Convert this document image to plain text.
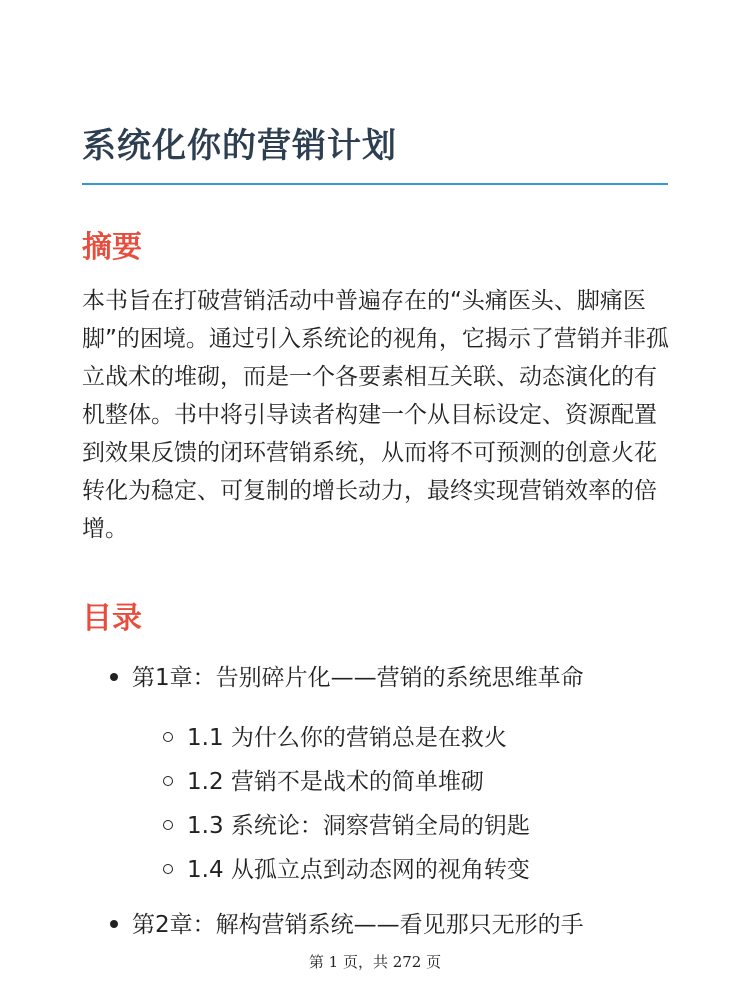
系统化你的营销计划
摘要

本书旨在打破营销活动中普遍存在的“头痛医头、脚痛医脚”的困境。通过引入系统论的视角，它揭示了营销并非孤立战术的堆砌，而是一个各要素相互关联、动态演化的有机整体。书中将引导读者构建一个从目标设定、资源配置到效果反馈的闭环营销系统，从而将不可预测的创意火花转化为稳定、可复制的增长动力，最终实现营销效率的倍增。

目录
第1章：告别碎片化——营销的系统思维革命
1.1 为什么你的营销总是在救火
1.2 营销不是战术的简单堆砌
1.3 系统论：洞察营销全局的钥匙
1.4 从孤立点到动态网的视角转变
第2章：解构营销系统——看见那只无形的手
第 1 页，共 272 页
